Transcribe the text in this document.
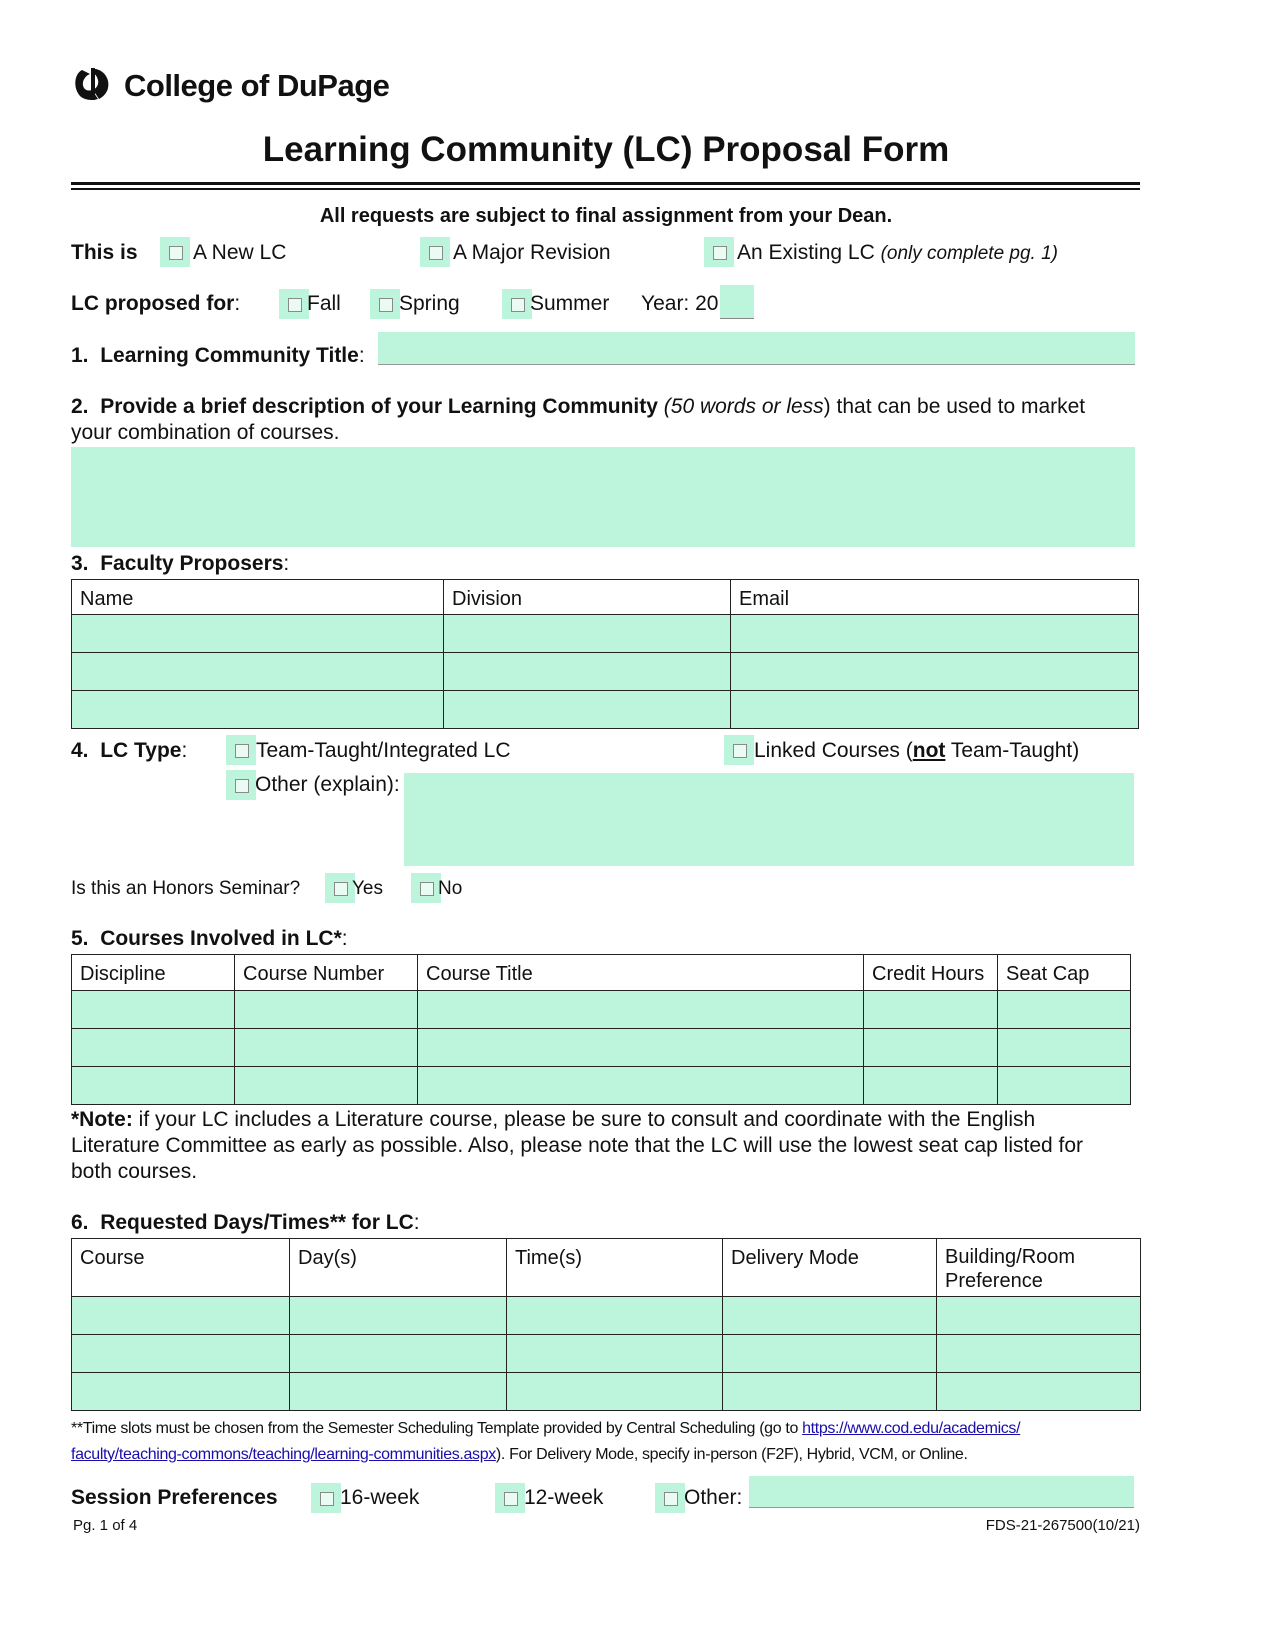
College of DuPage
Learning Community (LC) Proposal Form
All requests are subject to final assignment from your Dean.
This is	A New LC	A Major Revision	An Existing LC (only complete pg. 1)
LC proposed for:	Fall	Spring	Summer Year: 20
1. Learning Community Title:
2. Provide a brief description of your Learning Community (50 words or less) that can be used to market
your combination of courses.
3. Faculty Proposers:
Name	Division	Email

4. LC Type:	Team-Taught/Integrated LC	Linked Courses (not Team-Taught)
Other (explain):
Is this an Honors Seminar?	Yes	No
5. Courses Involved in LC*:
Discipline	Course Number	Course Title	Credit Hours	Seat Cap

*Note: if your LC includes a Literature course, please be sure to consult and coordinate with the English
Literature Committee as early as possible. Also, please note that the LC will use the lowest seat cap listed for
both courses.
6. Requested Days/Times** for LC:
Course	Day(s)	Time(s)	Delivery Mode	Building/Room Preference

**Time slots must be chosen from the Semester Scheduling Template provided by Central Scheduling (go to https://www.cod.edu/academics/
faculty/teaching-commons/teaching/learning-communities.aspx). For Delivery Mode, specify in-person (F2F), Hybrid, VCM, or Online.
Session Preferences	16-week	12-week	Other:
Pg. 1 of 4	FDS-21-267500(10/21)
